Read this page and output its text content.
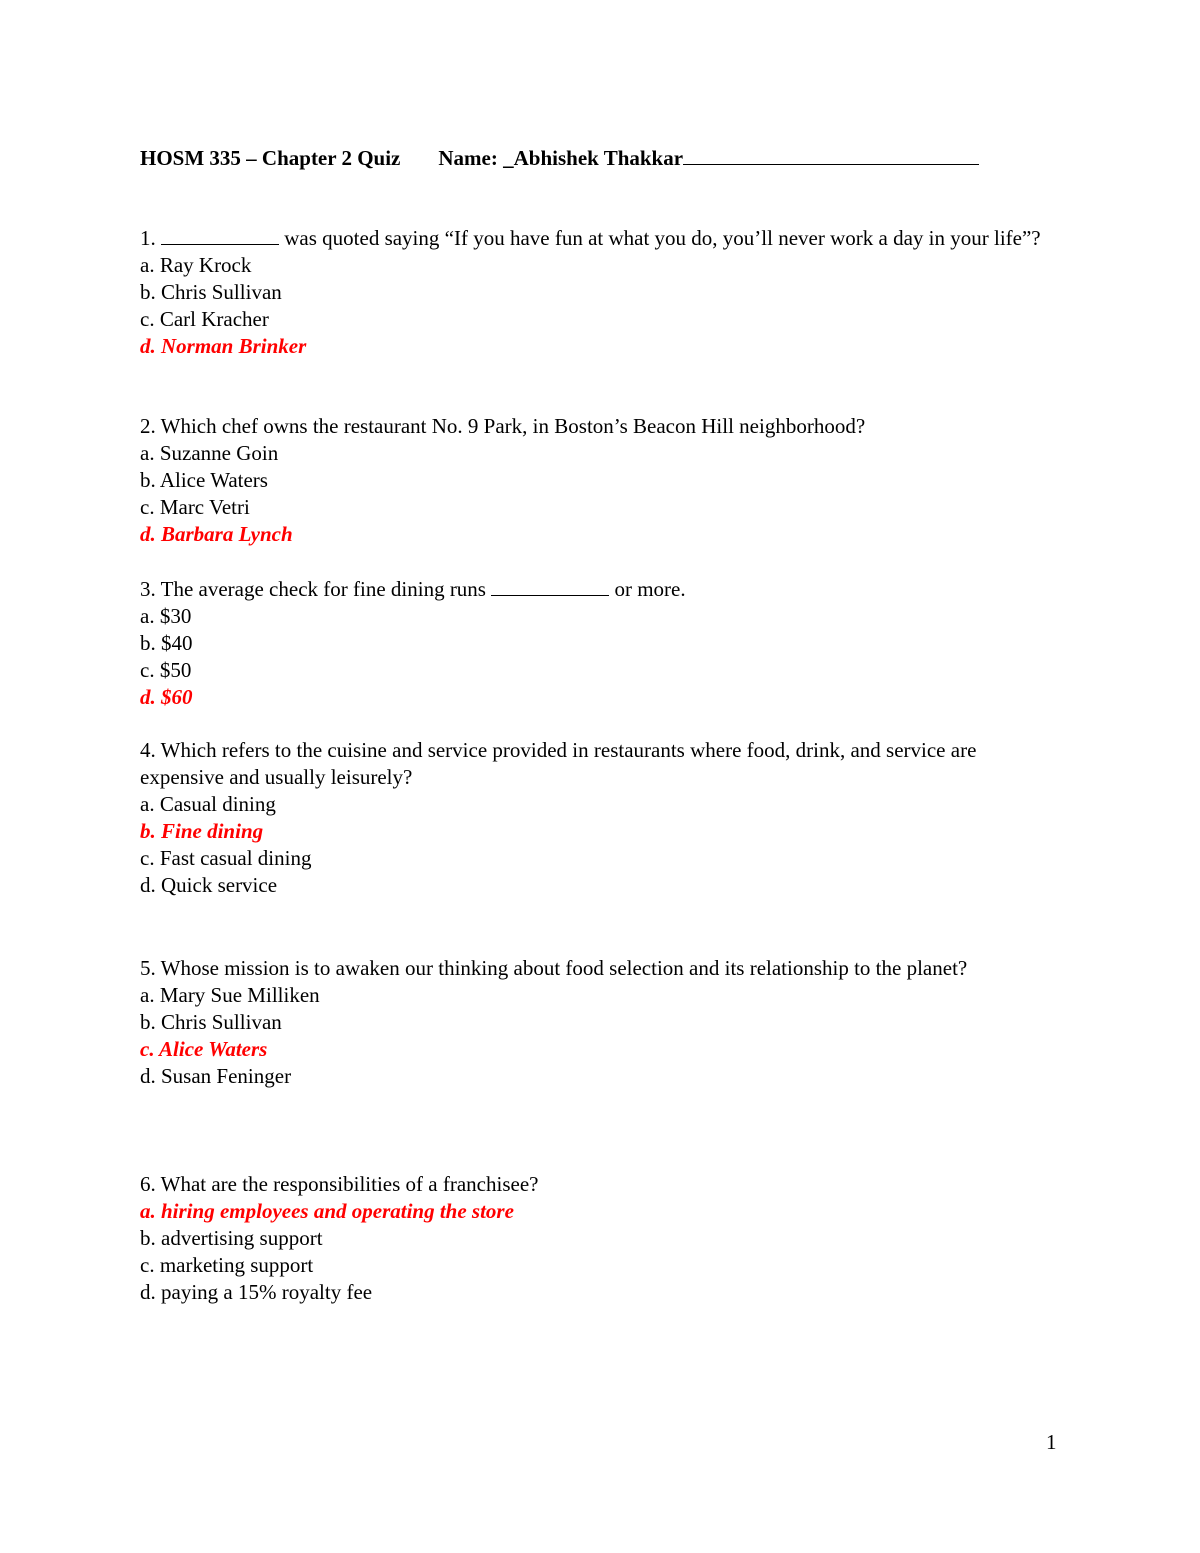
HOSM 335 – Chapter 2 Quiz Name: _Abhishek Thakkar

1.	was quoted saying “If you have fun at what you do, you’ll never work a day in your life”?

a. Ray Krock

b. Chris Sullivan

c. Carl Kracher

d. Norman Brinker

2. Which chef owns the restaurant No. 9 Park, in Boston’s Beacon Hill neighborhood?

a. Suzanne Goin

b. Alice Waters

c. Marc Vetri

d. Barbara Lynch

3. The average check for fine dining runs	or more.

a. $30

b. $40

c. $50

d. $60

4. Which refers to the cuisine and service provided in restaurants where food, drink, and service are expensive and usually leisurely?

a. Casual dining

b. Fine dining

c. Fast casual dining

d. Quick service

5. Whose mission is to awaken our thinking about food selection and its relationship to the planet?

a. Mary Sue Milliken

b. Chris Sullivan

c. Alice Waters

d. Susan Feninger

6. What are the responsibilities of a franchisee?

a. hiring employees and operating the store

b. advertising support

c. marketing support

d. paying a 15% royalty fee

1
